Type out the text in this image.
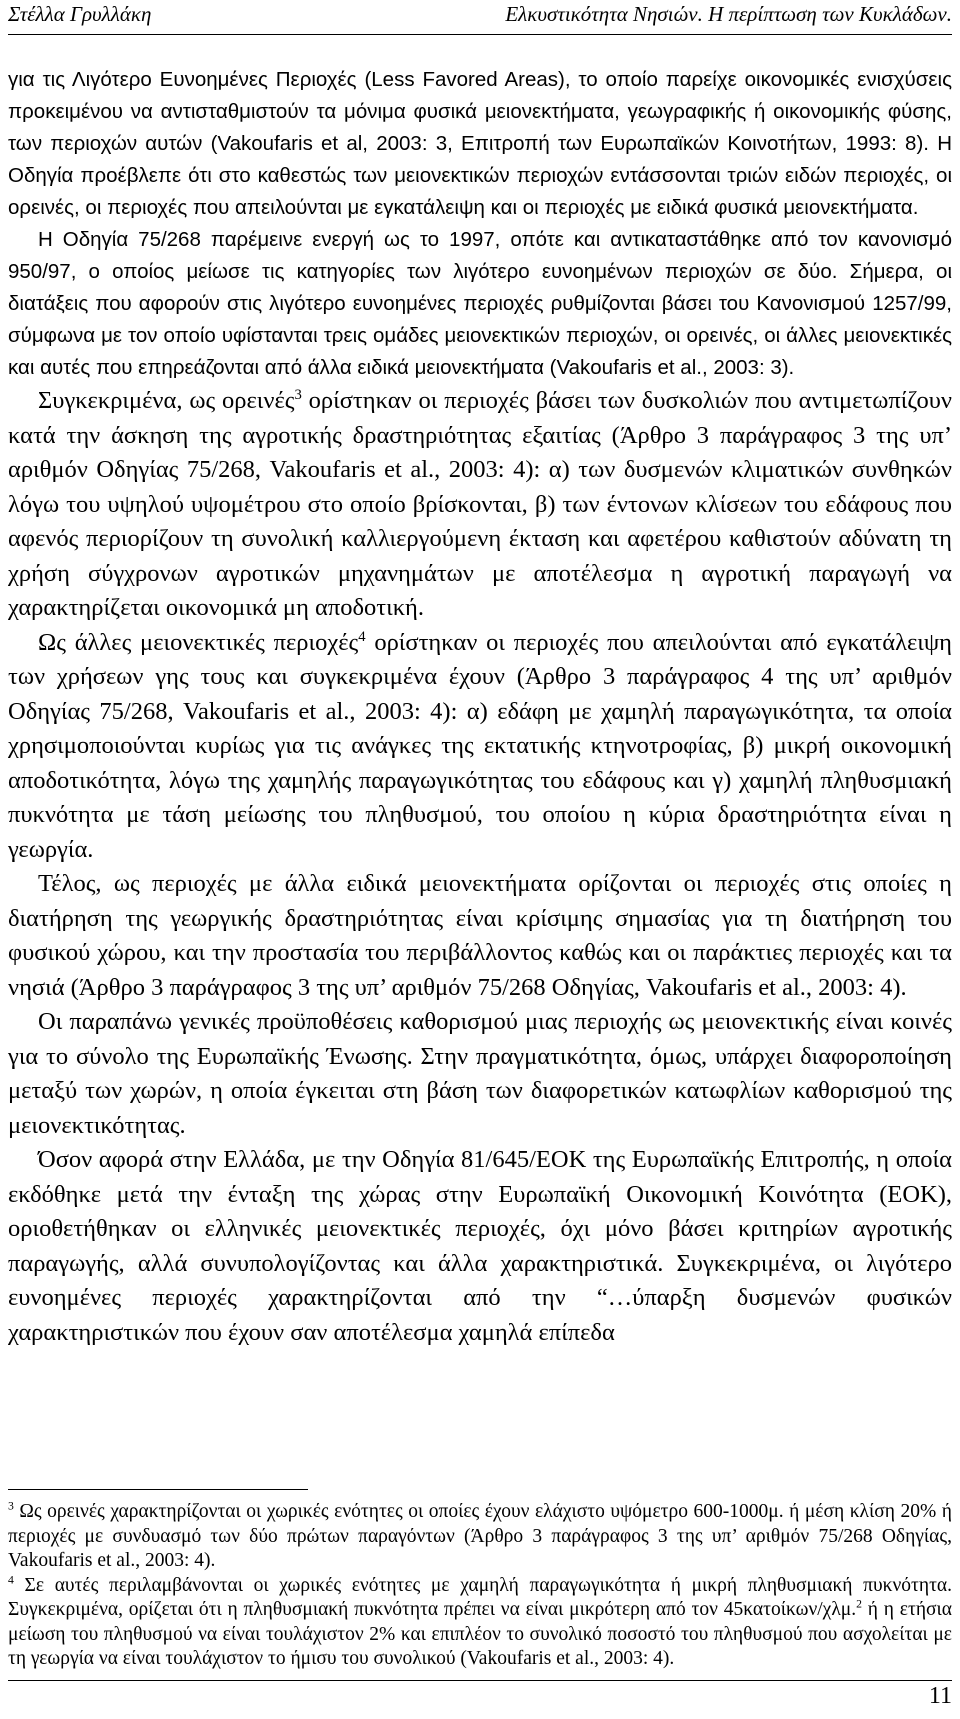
Στέλλα Γρυλλάκη	Ελκυστικότητα Νησιών. Η περίπτωση των Κυκλάδων.

για τις Λιγότερο Ευνοημένες Περιοχές (Less Favored Areas), το οποίο παρείχε οικονομικές ενισχύσεις προκειμένου να αντισταθμιστούν τα μόνιμα φυσικά μειονεκτήματα, γεωγραφικής ή οικονομικής φύσης, των περιοχών αυτών (Vakoufaris et al, 2003: 3, Επιτροπή των Ευρωπαϊκών Κοινοτήτων, 1993: 8). Η Οδηγία προέβλεπε ότι στο καθεστώς των μειονεκτικών περιοχών εντάσσονται τριών ειδών περιοχές, οι ορεινές, οι περιοχές που απειλούνται με εγκατάλειψη και οι περιοχές με ειδικά φυσικά μειονεκτήματα.

Η Οδηγία 75/268 παρέμεινε ενεργή ως το 1997, οπότε και αντικαταστάθηκε από τον κανονισμό 950/97, ο οποίος μείωσε τις κατηγορίες των λιγότερο ευνοημένων περιοχών σε δύο. Σήμερα, οι διατάξεις που αφορούν στις λιγότερο ευνοημένες περιοχές ρυθμίζονται βάσει του Κανονισμού 1257/99, σύμφωνα με τον οποίο υφίστανται τρεις ομάδες μειονεκτικών περιοχών, οι ορεινές, οι άλλες μειονεκτικές και αυτές που επηρεάζονται από άλλα ειδικά μειονεκτήματα (Vakoufaris et al., 2003: 3).

Συγκεκριμένα, ως ορεινές$^3$ ορίστηκαν οι περιοχές βάσει των δυσκολιών που αντιμετωπίζουν κατά την άσκηση της αγροτικής δραστηριότητας εξαιτίας (Άρθρο 3 παράγραφος 3 της υπ’ αριθμόν Οδηγίας 75/268, Vakoufaris et al., 2003: 4): α) των δυσμενών κλιματικών συνθηκών λόγω του υψηλού υψομέτρου στο οποίο βρίσκονται, β) των έντονων κλίσεων του εδάφους που αφενός περιορίζουν τη συνολική καλλιεργούμενη έκταση και αφετέρου καθιστούν αδύνατη τη χρήση σύγχρονων αγροτικών μηχανημάτων με αποτέλεσμα η αγροτική παραγωγή να χαρακτηρίζεται οικονομικά μη αποδοτική.

Ως άλλες μειονεκτικές περιοχές$^4$ ορίστηκαν οι περιοχές που απειλούνται από εγκατάλειψη των χρήσεων γης τους και συγκεκριμένα έχουν (Άρθρο 3 παράγραφος 4 της υπ’ αριθμόν Οδηγίας 75/268, Vakoufaris et al., 2003: 4): α) εδάφη με χαμηλή παραγωγικότητα, τα οποία χρησιμοποιούνται κυρίως για τις ανάγκες της εκτατικής κτηνοτροφίας, β) μικρή οικονομική αποδοτικότητα, λόγω της χαμηλής παραγωγικότητας του εδάφους και γ) χαμηλή πληθυσμιακή πυκνότητα με τάση μείωσης του πληθυσμού, του οποίου η κύρια δραστηριότητα είναι η γεωργία.

Τέλος, ως περιοχές με άλλα ειδικά μειονεκτήματα ορίζονται οι περιοχές στις οποίες η διατήρηση της γεωργικής δραστηριότητας είναι κρίσιμης σημασίας για τη διατήρηση του φυσικού χώρου, και την προστασία του περιβάλλοντος καθώς και οι παράκτιες περιοχές και τα νησιά (Άρθρο 3 παράγραφος 3 της υπ’ αριθμόν 75/268 Οδηγίας, Vakoufaris et al., 2003: 4).

Οι παραπάνω γενικές προϋποθέσεις καθορισμού μιας περιοχής ως μειονεκτικής είναι κοινές για το σύνολο της Ευρωπαϊκής Ένωσης. Στην πραγματικότητα, όμως, υπάρχει διαφοροποίηση μεταξύ των χωρών, η οποία έγκειται στη βάση των διαφορετικών κατωφλίων καθορισμού της μειονεκτικότητας.

Όσον αφορά στην Ελλάδα, με την Οδηγία 81/645/ΕΟΚ της Ευρωπαϊκής Επιτροπής, η οποία εκδόθηκε μετά την ένταξη της χώρας στην Ευρωπαϊκή Οικονομική Κοινότητα (ΕΟΚ), οριοθετήθηκαν οι ελληνικές μειονεκτικές περιοχές, όχι μόνο βάσει κριτηρίων αγροτικής παραγωγής, αλλά συνυπολογίζοντας και άλλα χαρακτηριστικά. Συγκεκριμένα, οι λιγότερο ευνοημένες περιοχές χαρακτηρίζονται από την “…ύπαρξη δυσμενών φυσικών χαρακτηριστικών που έχουν σαν αποτέλεσμα χαμηλά επίπεδα

$^3$ Ως ορεινές χαρακτηρίζονται οι χωρικές ενότητες οι οποίες έχουν ελάχιστο υψόμετρο 600-1000μ. ή μέση κλίση 20% ή περιοχές με συνδυασμό των δύο πρώτων παραγόντων (Άρθρο 3 παράγραφος 3 της υπ’ αριθμόν 75/268 Οδηγίας, Vakoufaris et al., 2003: 4).

$^4$ Σε αυτές περιλαμβάνονται οι χωρικές ενότητες με χαμηλή παραγωγικότητα ή μικρή πληθυσμιακή πυκνότητα. Συγκεκριμένα, ορίζεται ότι η πληθυσμιακή πυκνότητα πρέπει να είναι μικρότερη από τον 45κατοίκων/χλμ.$^2$ ή η ετήσια μείωση του πληθυσμού να είναι τουλάχιστον 2% και επιπλέον το συνολικό ποσοστό του πληθυσμού που ασχολείται με τη γεωργία να είναι τουλάχιστον το ήμισυ του συνολικού (Vakoufaris et al., 2003: 4).

11
